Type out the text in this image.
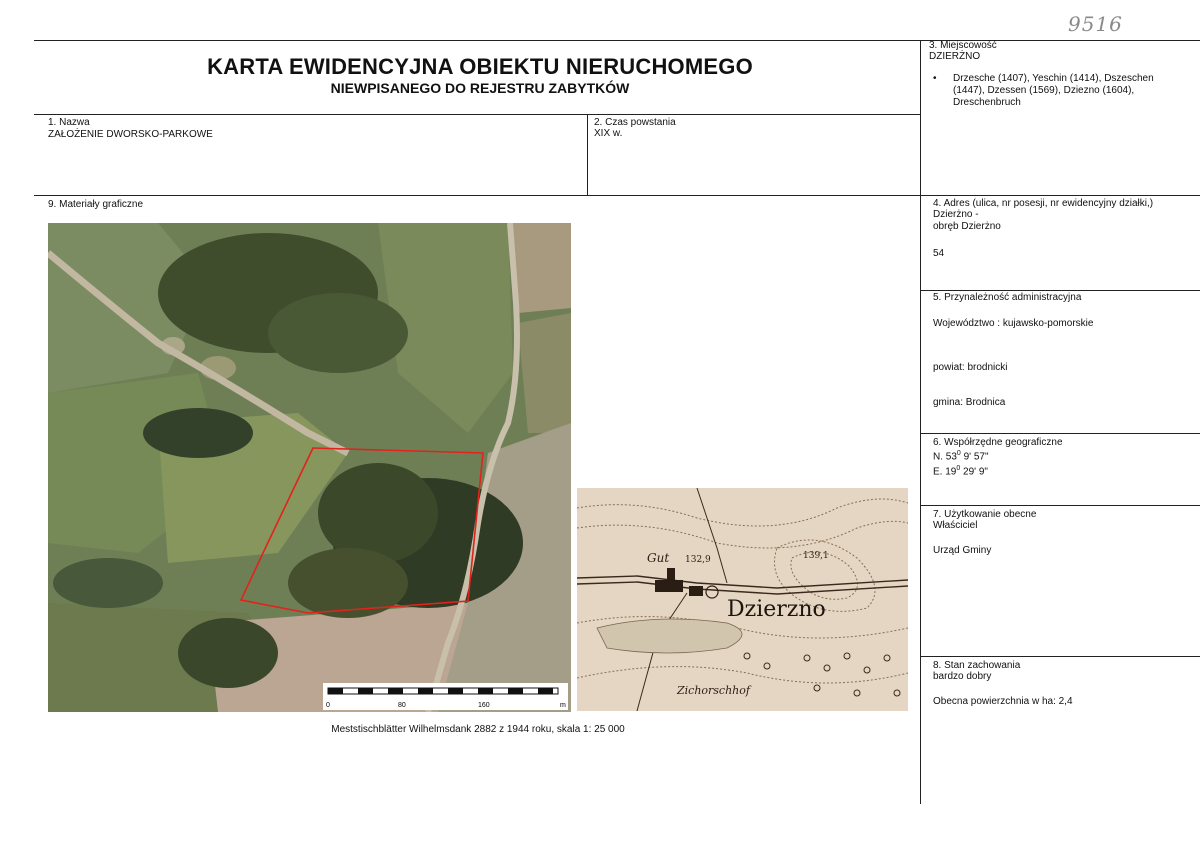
9516
KARTA EWIDENCYJNA OBIEKTU NIERUCHOMEGO
NIEWPISANEGO DO REJESTRU ZABYTKÓW
1. Nazwa
ZAŁOŻENIE DWORSKO-PARKOWE
2. Czas powstania
XIX w.
3. Miejscowość
DZIERŻNO
• Drzesche (1407), Yeschin (1414), Dszeschen (1447), Dzessen (1569), Dziezno (1604), Dreschenbruch
4. Adres (ulica, nr posesji, nr ewidencyjny działki,)
Dzierżno -
obręb Dzierżno
54
5. Przynależność administracyjna
Województwo : kujawsko-pomorskie
powiat: brodnicki
gmina: Brodnica
6. Współrzędne geograficzne
N. $53^0$ 9' 57"
E. $19^0$ 29' 9"
7. Użytkowanie obecne
Właściciel
Urząd Gminy
8. Stan zachowania
bardzo dobry
Obecna powierzchnia w ha: 2,4
9. Materiały graficzne
0	80	160	m
Gut 132,9	139,1
Dzierzno
Zichorschhof
Meststischblätter Wilhelmsdank 2882 z 1944 roku, skala 1: 25 000
